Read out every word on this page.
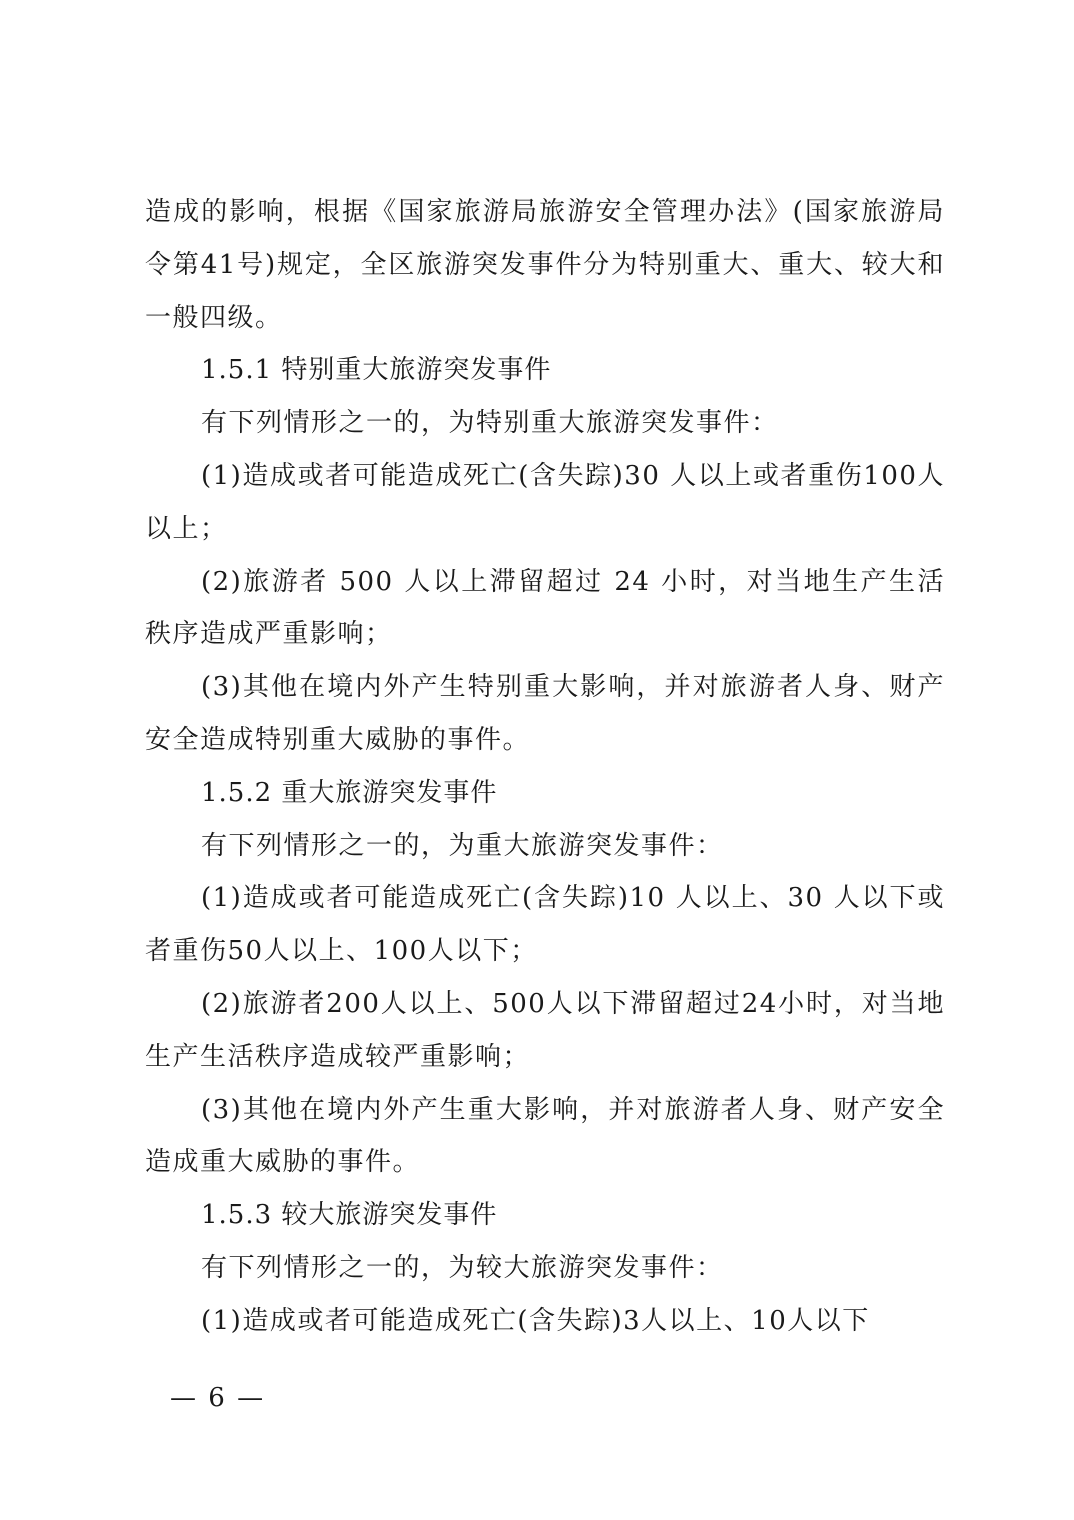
造成的影响，根据《国家旅游局旅游安全管理办法》(国家旅游局令第41号)规定，全区旅游突发事件分为特别重大、重大、较大和一般四级。

1.5.1 特别重大旅游突发事件

有下列情形之一的，为特别重大旅游突发事件：

(1)造成或者可能造成死亡(含失踪)30 人以上或者重伤100人以上；

(2)旅游者 500 人以上滞留超过 24 小时，对当地生产生活秩序造成严重影响；

(3)其他在境内外产生特别重大影响，并对旅游者人身、财产安全造成特别重大威胁的事件。

1.5.2 重大旅游突发事件

有下列情形之一的，为重大旅游突发事件：

(1)造成或者可能造成死亡(含失踪)10 人以上、30 人以下或者重伤50人以上、100人以下；

(2)旅游者200人以上、500人以下滞留超过24小时，对当地生产生活秩序造成较严重影响；

(3)其他在境内外产生重大影响，并对旅游者人身、财产安全造成重大威胁的事件。

1.5.3 较大旅游突发事件

有下列情形之一的，为较大旅游突发事件：

(1)造成或者可能造成死亡(含失踪)3人以上、10人以下

— 6 —
